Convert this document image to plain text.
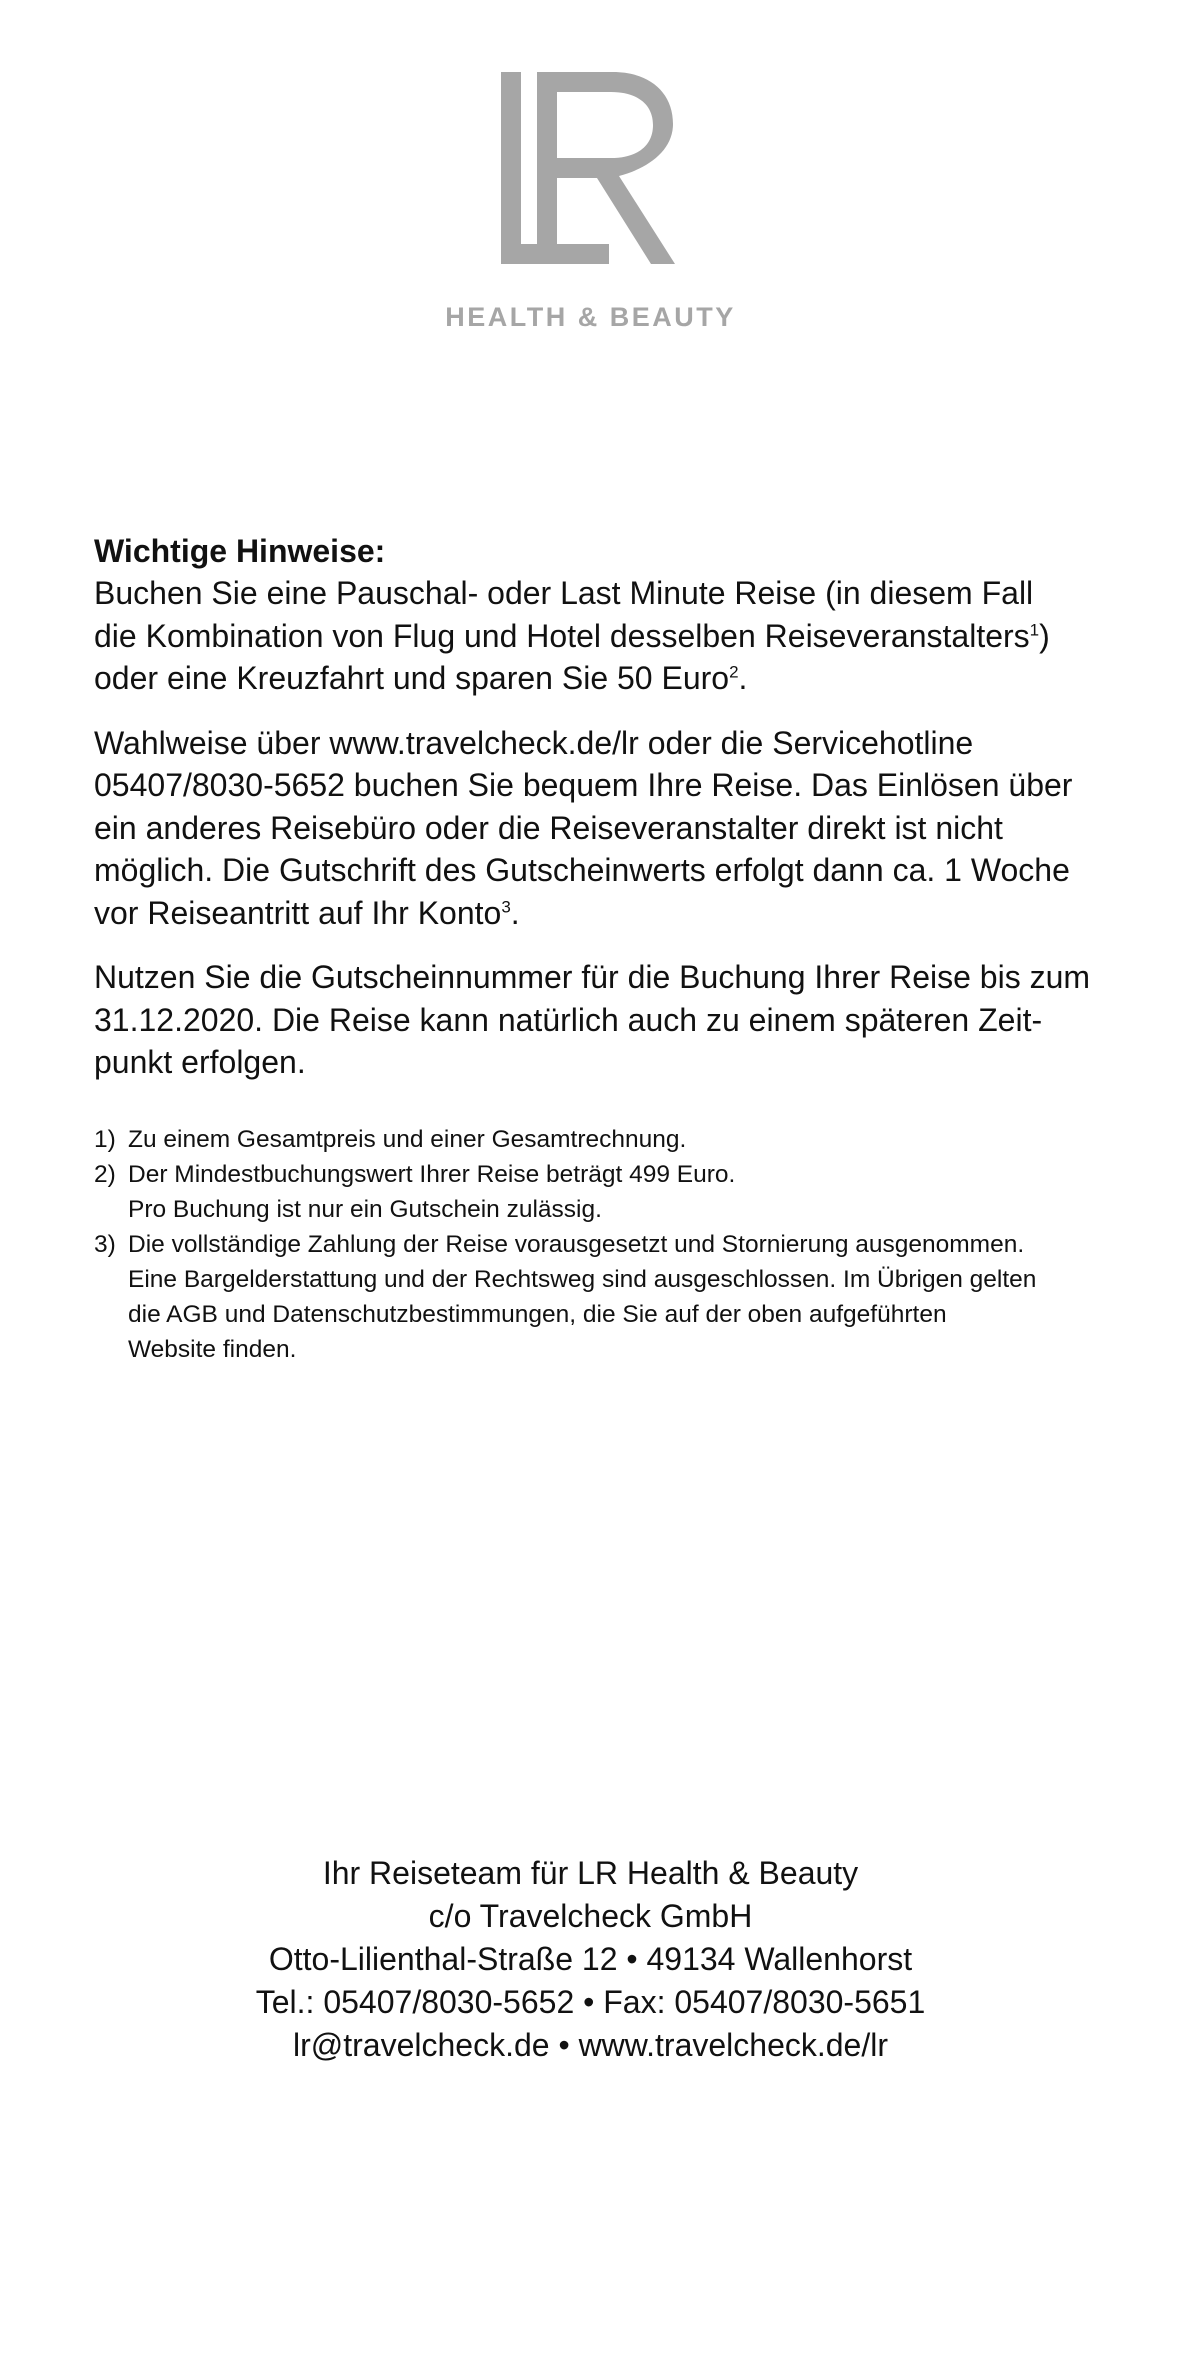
HEALTH & BEAUTY

Wichtige Hinweise:

Buchen Sie eine Pauschal- oder Last Minute Reise (in diesem Fall
die Kombination von Flug und Hotel desselben Reiseveranstalters$^1$)
oder eine Kreuzfahrt und sparen Sie 50 Euro$^2$.

Wahlweise über www.travelcheck.de/lr oder die Servicehotline
05407/8030-5652 buchen Sie bequem Ihre Reise. Das Einlösen über
ein anderes Reisebüro oder die Reiseveranstalter direkt ist nicht
möglich. Die Gutschrift des Gutscheinwerts erfolgt dann ca. 1 Woche
vor Reiseantritt auf Ihr Konto$^3$.

Nutzen Sie die Gutscheinnummer für die Buchung Ihrer Reise bis zum
31.12.2020. Die Reise kann natürlich auch zu einem späteren Zeit-
punkt erfolgen.

1) Zu einem Gesamtpreis und einer Gesamtrechnung.
2) Der Mindestbuchungswert Ihrer Reise beträgt 499 Euro.
Pro Buchung ist nur ein Gutschein zulässig.
3) Die vollständige Zahlung der Reise vorausgesetzt und Stornierung ausgenommen.
Eine Bargelderstattung und der Rechtsweg sind ausgeschlossen. Im Übrigen gelten
die AGB und Datenschutzbestimmungen, die Sie auf der oben aufgeführten
Website finden.
Ihr Reiseteam für LR Health & Beauty
c/o Travelcheck GmbH
Otto-Lilienthal-Straße 12 • 49134 Wallenhorst
Tel.: 05407/8030-5652 • Fax: 05407/8030-5651
lr@travelcheck.de • www.travelcheck.de/lr
